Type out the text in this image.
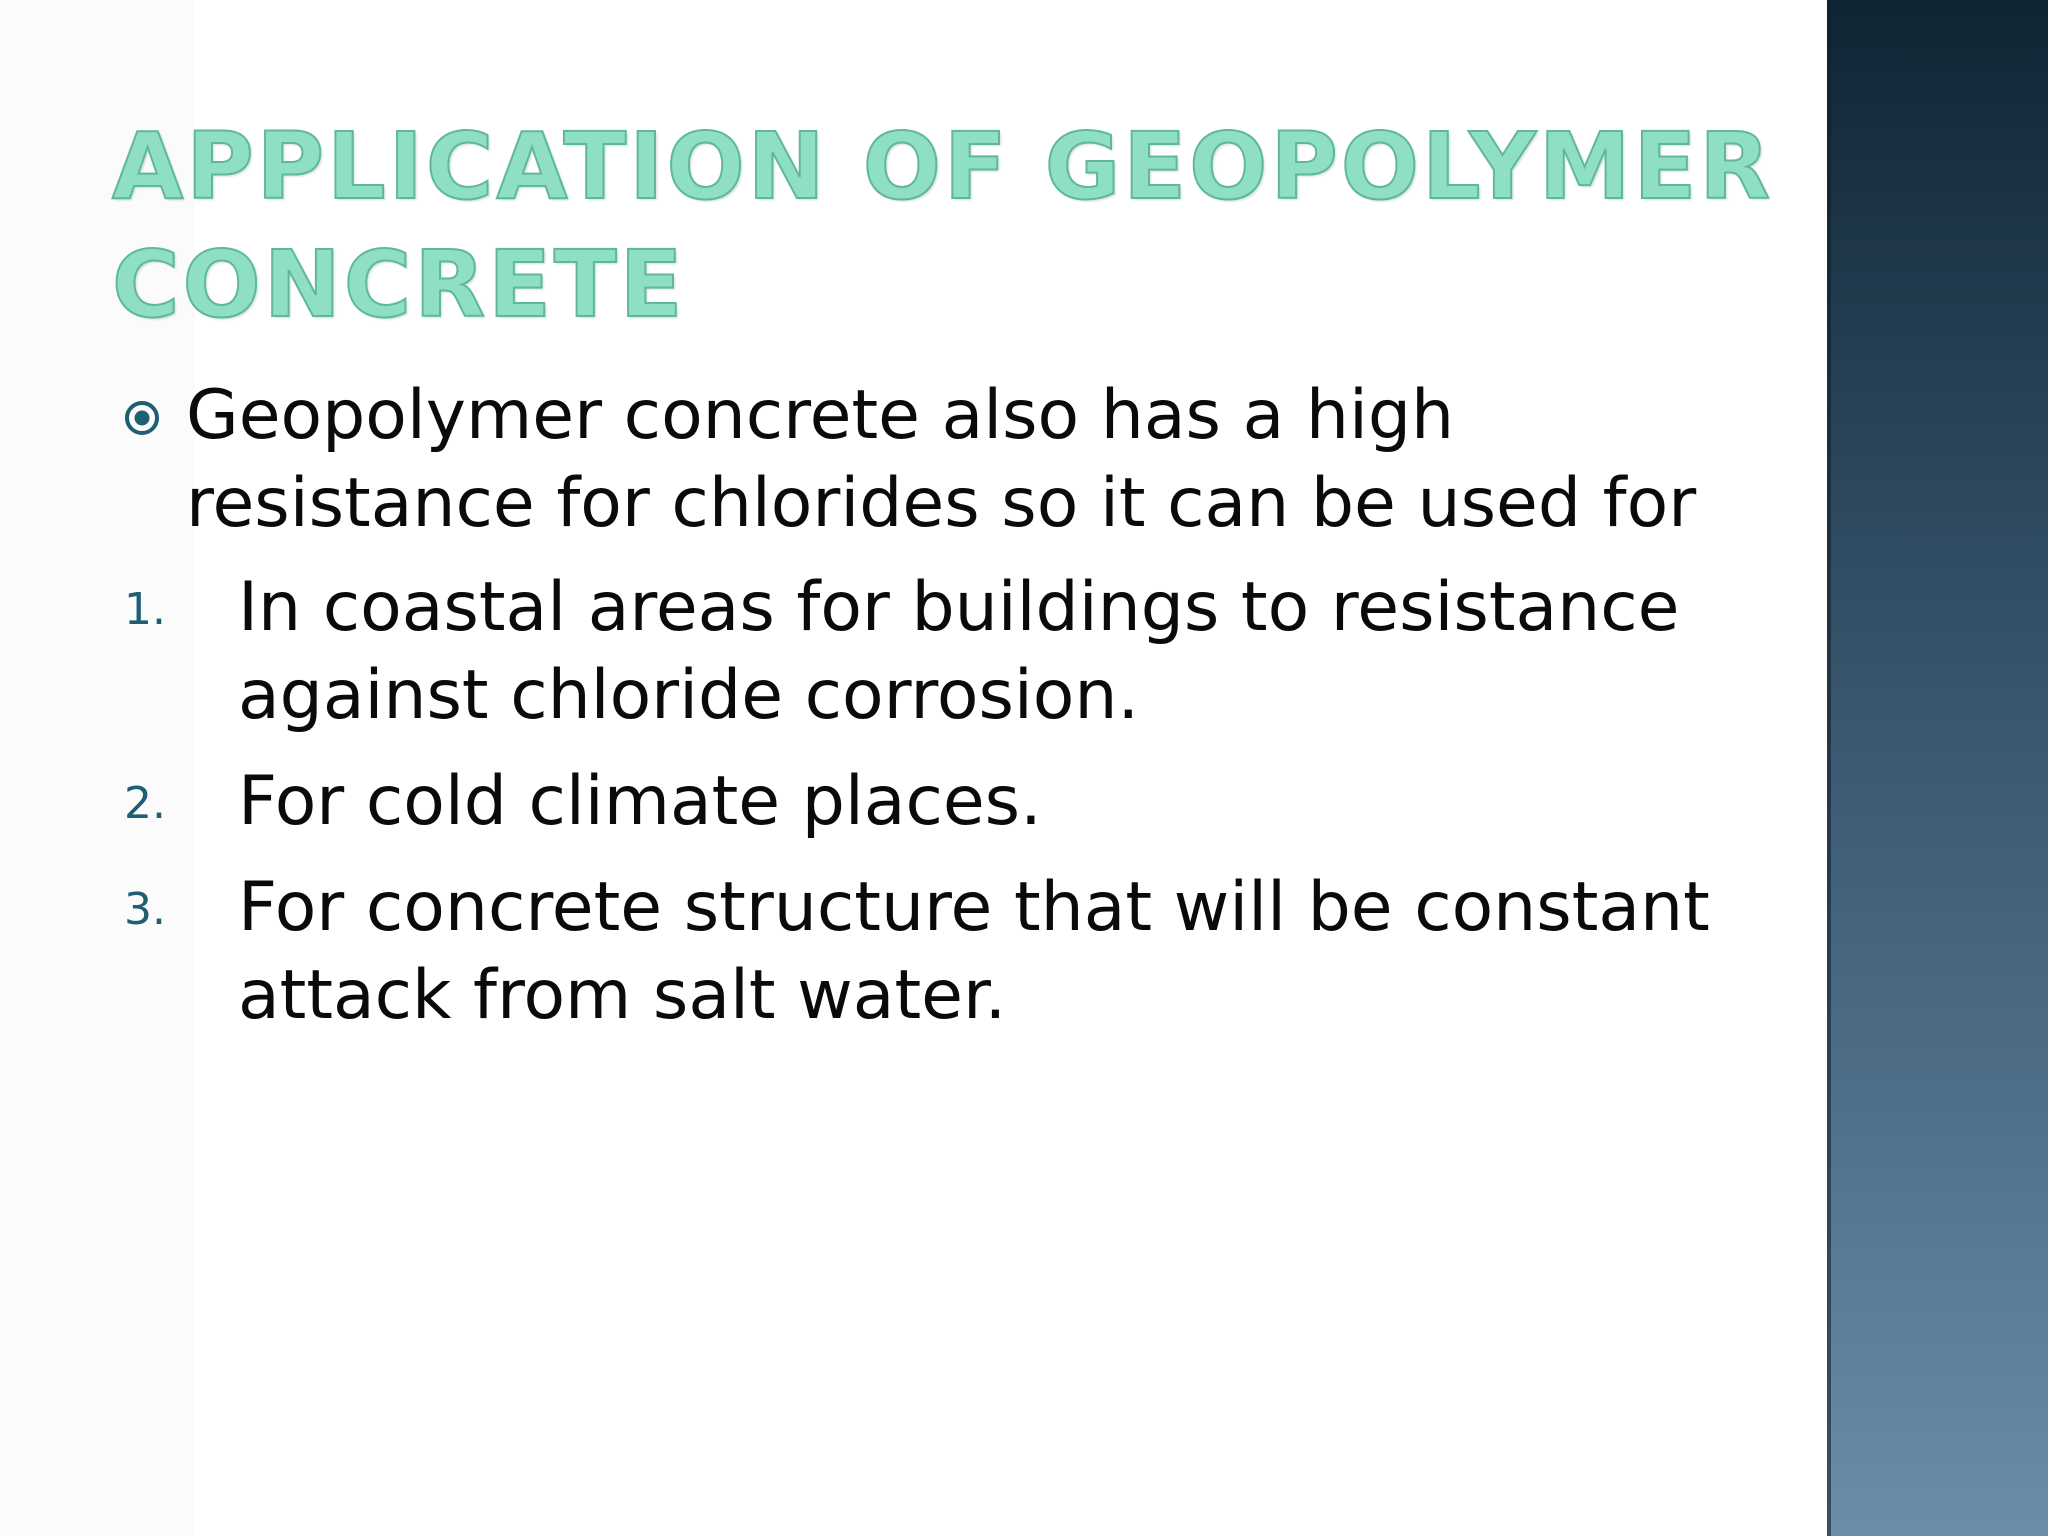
APPLICATION OF GEOPOLYMER CONCRETE
Geopolymer concrete also has a high resistance for chlorides so it can be used for
1. In coastal areas for buildings to resistance against chloride corrosion.
2. For cold climate places.
3. For concrete structure that will be constant attack from salt water.
